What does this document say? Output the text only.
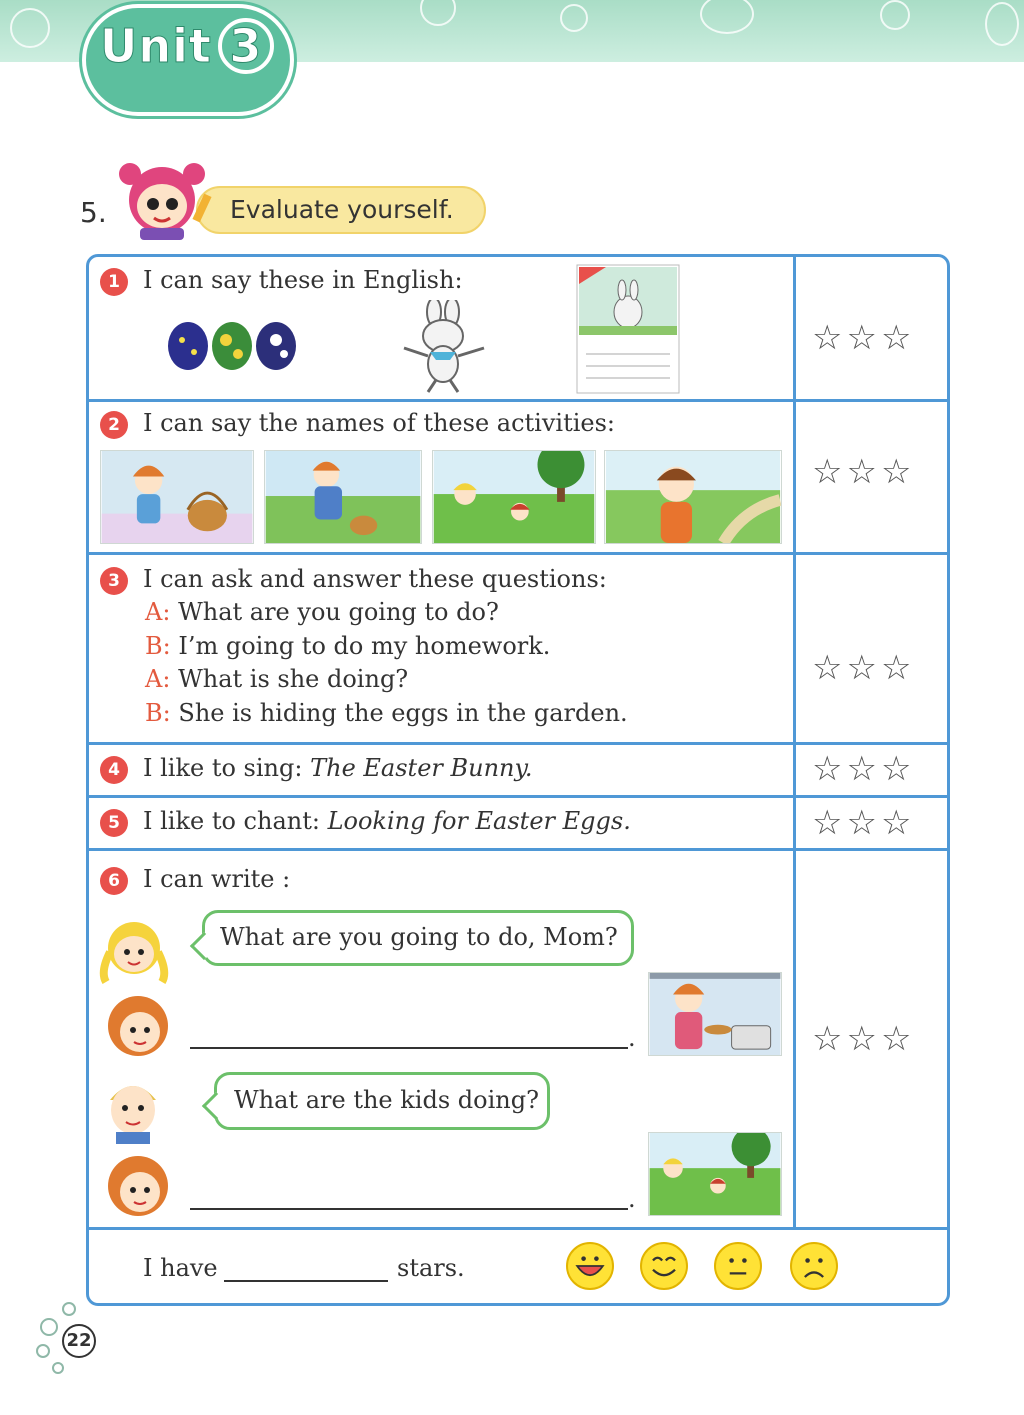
Unit 3
5.	Evaluate yourself.
1 I can say these in English:
☆☆☆
2 I can say the names of these activities:
☆☆☆
3 I can ask and answer these questions:
A: What are you going to do?
B: I’m going to do my homework.
A: What is she doing?
B: She is hiding the eggs in the garden.
☆☆☆
4 I like to sing: The Easter Bunny.	☆☆☆
5 I like to chant: Looking for Easter Eggs.	☆☆☆
6 I can write :
What are you going to do, Mom?
.
What are the kids doing?
.
☆☆☆
I have	stars.
22
